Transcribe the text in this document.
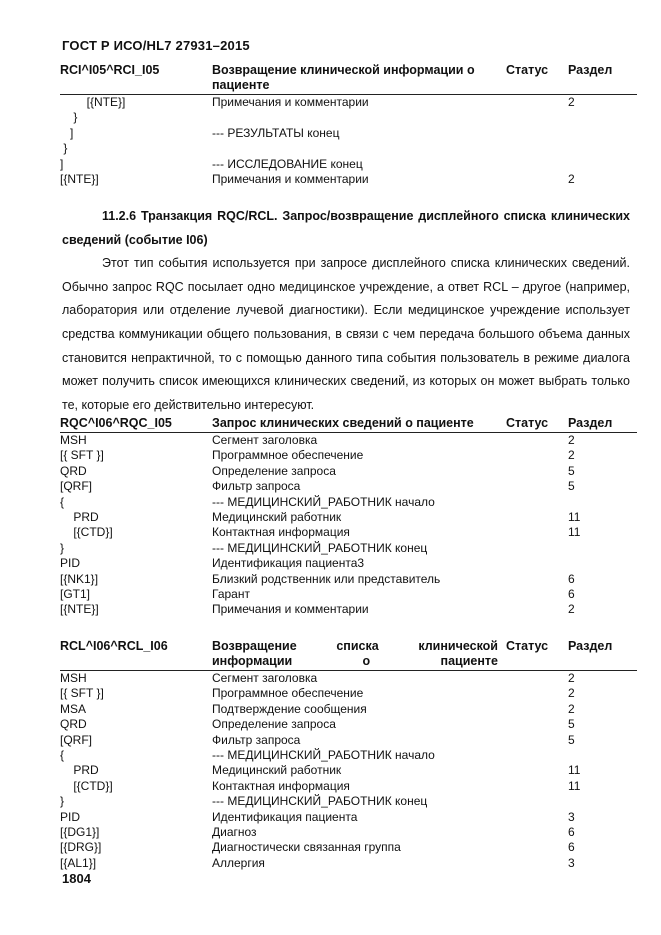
ГОСТ Р ИСО/HL7 27931–2015
RCI^I05^RCI_I05	Возвращение клинической информации о пациенте	Статус	Раздел
[{NTE}]	Примечания и комментарии		2
}			
]	--- РЕЗУЛЬТАТЫ конец		
}			
]	--- ИССЛЕДОВАНИЕ конец		
[{NTE}]	Примечания и комментарии		2
11.2.6 Транзакция RQC/RCL. Запрос/возвращение дисплейного списка клинических сведений (событие I06)

Этот тип события используется при запросе дисплейного списка клинических сведений. Обычно запрос RQC посылает одно медицинское учреждение, а ответ RCL – другое (например, лаборатория или отделение лучевой диагностики). Если медицинское учреждение использует средства коммуникации общего пользования, в связи с чем передача большого объема данных становится непрактичной, то с помощью данного типа события пользователь в режиме диалога может получить список имеющихся клинических сведений, из которых он может выбрать только те, которые его действительно интересуют.

RQC^I06^RQC_I05	Запрос клинических сведений о пациенте	Статус	Раздел
MSH	Сегмент заголовка		2
[{ SFT }]	Программное обеспечение		2
QRD	Определение запроса		5
[QRF]	Фильтр запроса		5
{	--- МЕДИЦИНСКИЙ_РАБОТНИК начало		
PRD	Медицинский работник		11
[{CTD}]	Контактная информация		11
}	--- МЕДИЦИНСКИЙ_РАБОТНИК конец		
PID	Идентификация пациента3		
[{NK1}]	Близкий родственник или представитель		6
[GT1]	Гарант		6
[{NTE}]	Примечания и комментарии		2
RCL^I06^RCL_I06	Возвращение списка клинической информации о пациенте	Статус	Раздел
MSH	Сегмент заголовка		2
[{ SFT }]	Программное обеспечение		2
MSA	Подтверждение сообщения		2
QRD	Определение запроса		5
[QRF]	Фильтр запроса		5
{	--- МЕДИЦИНСКИЙ_РАБОТНИК начало		
PRD	Медицинский работник		11
[{CTD}]	Контактная информация		11
}	--- МЕДИЦИНСКИЙ_РАБОТНИК конец		
PID	Идентификация пациента		3
[{DG1}]	Диагноз		6
[{DRG}]	Диагностически связанная группа		6
[{AL1}]	Аллергия		3
1804
